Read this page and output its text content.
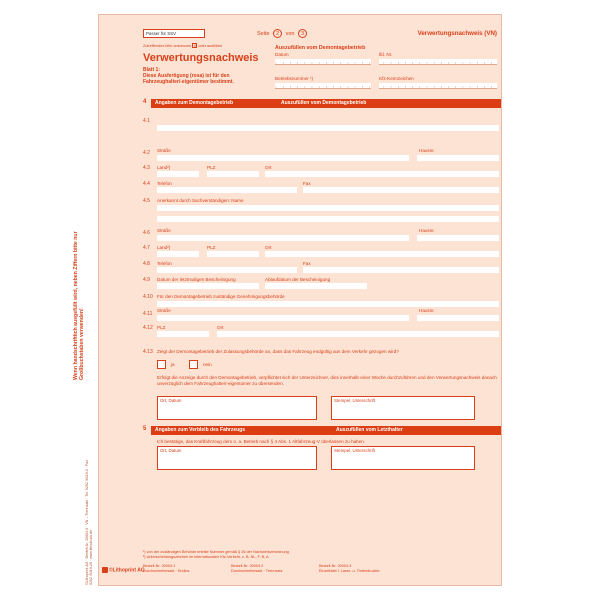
Wenn handschriftlich ausgefüllt wird, neben Ziffern bitte nur Großbuchstaben verwenden!
©Lithoprint AG · Bestell-Nr. 20004.0 · VN – Trennsatz · Tel. 0202 /6119-0 · Fax 0202 /6119-20 · www.lithodruck.de
Passer für SSV	Seite 2 von 3	Verwertungsnachweis (VN)
Zutreffendes bitte ankreuzen X oder ausfüllen
Verwertungsnachweis
Blatt 1:
Diese Ausfertigung (rosa) ist für den
Fahrzeughalter/-eigentümer bestimmt.
Auszufüllen vom Demontagebetrieb
Datum	lfd. Nr.
Betriebsnummer ¹)	Kfz-Kennzeichen
4 Angaben zum Demontagebetrieb	Auszufüllen vom Demontagebetrieb
4.1
Straße	Hausnr.
4.2
4.3 Land²)	PLZ	Ort
4.4 Telefon	Fax
4.5 Anerkannt durch Sachverständigen: Name
Straße	Hausnr.
4.6
4.7 Land²)	PLZ	Ort
4.8 Telefon	Fax
4.9 Datum der letztmaligen Bescheinigung	Ablaufdatum der Bescheinigung
4.10 Für den Demontagebetrieb zuständige Genehmigungsbehörde
Straße	Hausnr.
4.11
4.12 PLZ	Ort
4.13 Zeigt der Demontagebetrieb der Zulassungsbehörde an, dass das Fahrzeug endgültig aus dem Verkehr gezogen wird?
ja	nein
Erfolgt die Anzeige durch den Demontagebetrieb, verpflichtet sich der Unterzeichner, dies innerhalb einer Woche durchzuführen und den Verwertungsnachweis danach unverzüglich dem Fahrzeughalter/-eigentümer zu übersenden.
Ort, Datum	Stempel, Unterschrift
5 Angaben zum Verbleib des Fahrzeugs	Auszufüllen vom Letzthalter
Ich bestätige, das Kraftfahrzeug dem o. a. Betrieb nach § 4 Abs. 1 Altfahrzeug-V überlassen zu haben.
Ort, Datum	Stempel, Unterschrift
¹) von der zuständigen Behörde erteilte Nummer gemäß § 26 der Nachweisverordnung
²) Unterscheidungszeichen im internationalen Kfz-Verkehr, z. B. NL, F, B, A
©Lithoprint AG
Bestell-Nr. 20004.1
Durchschreibesatz · Endlos
Bestell-Nr. 20004.2
Durchschreibesatz · Trennsatz
Bestell-Nr. 20004.3
Einzelblatt f. Laser- u. Tintendrucker
